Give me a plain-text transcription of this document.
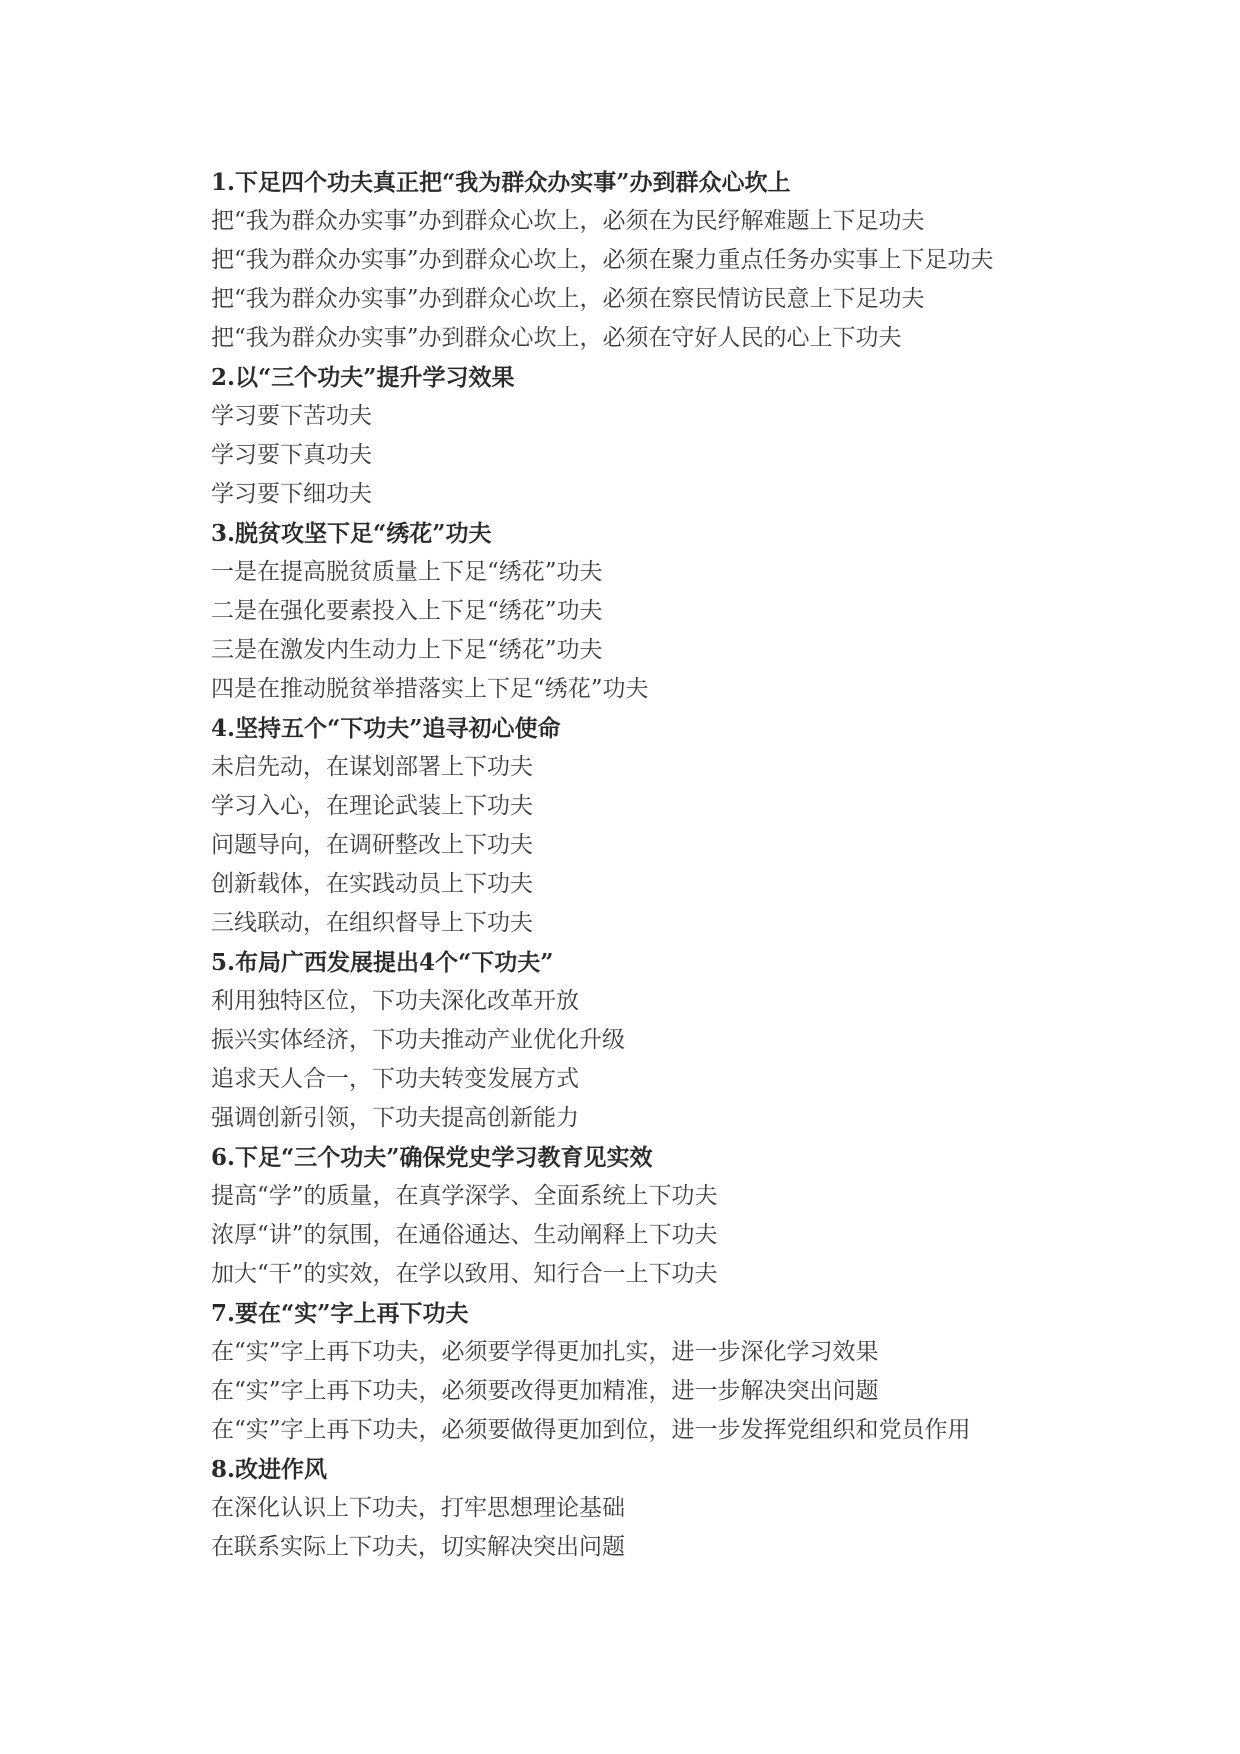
1.下足四个功夫真正把“我为群众办实事”办到群众心坎上

把“我为群众办实事”办到群众心坎上，必须在为民纾解难题上下足功夫

把“我为群众办实事”办到群众心坎上，必须在聚力重点任务办实事上下足功夫

把“我为群众办实事”办到群众心坎上，必须在察民情访民意上下足功夫

把“我为群众办实事”办到群众心坎上，必须在守好人民的心上下功夫

2.以“三个功夫”提升学习效果

学习要下苦功夫

学习要下真功夫

学习要下细功夫

3.脱贫攻坚下足“绣花”功夫

一是在提高脱贫质量上下足“绣花”功夫

二是在强化要素投入上下足“绣花”功夫

三是在激发内生动力上下足“绣花”功夫

四是在推动脱贫举措落实上下足“绣花”功夫

4.坚持五个“下功夫”追寻初心使命

未启先动，在谋划部署上下功夫

学习入心，在理论武装上下功夫

问题导向，在调研整改上下功夫

创新载体，在实践动员上下功夫

三线联动，在组织督导上下功夫

5.布局广西发展提出4个“下功夫”

利用独特区位，下功夫深化改革开放

振兴实体经济，下功夫推动产业优化升级

追求天人合一，下功夫转变发展方式

强调创新引领，下功夫提高创新能力

6.下足“三个功夫”确保党史学习教育见实效

提高“学”的质量，在真学深学、全面系统上下功夫

浓厚“讲”的氛围，在通俗通达、生动阐释上下功夫

加大“干”的实效，在学以致用、知行合一上下功夫

7.要在“实”字上再下功夫

在“实”字上再下功夫，必须要学得更加扎实，进一步深化学习效果

在“实”字上再下功夫，必须要改得更加精准，进一步解决突出问题

在“实”字上再下功夫，必须要做得更加到位，进一步发挥党组织和党员作用

8.改进作风

在深化认识上下功夫，打牢思想理论基础

在联系实际上下功夫，切实解决突出问题
